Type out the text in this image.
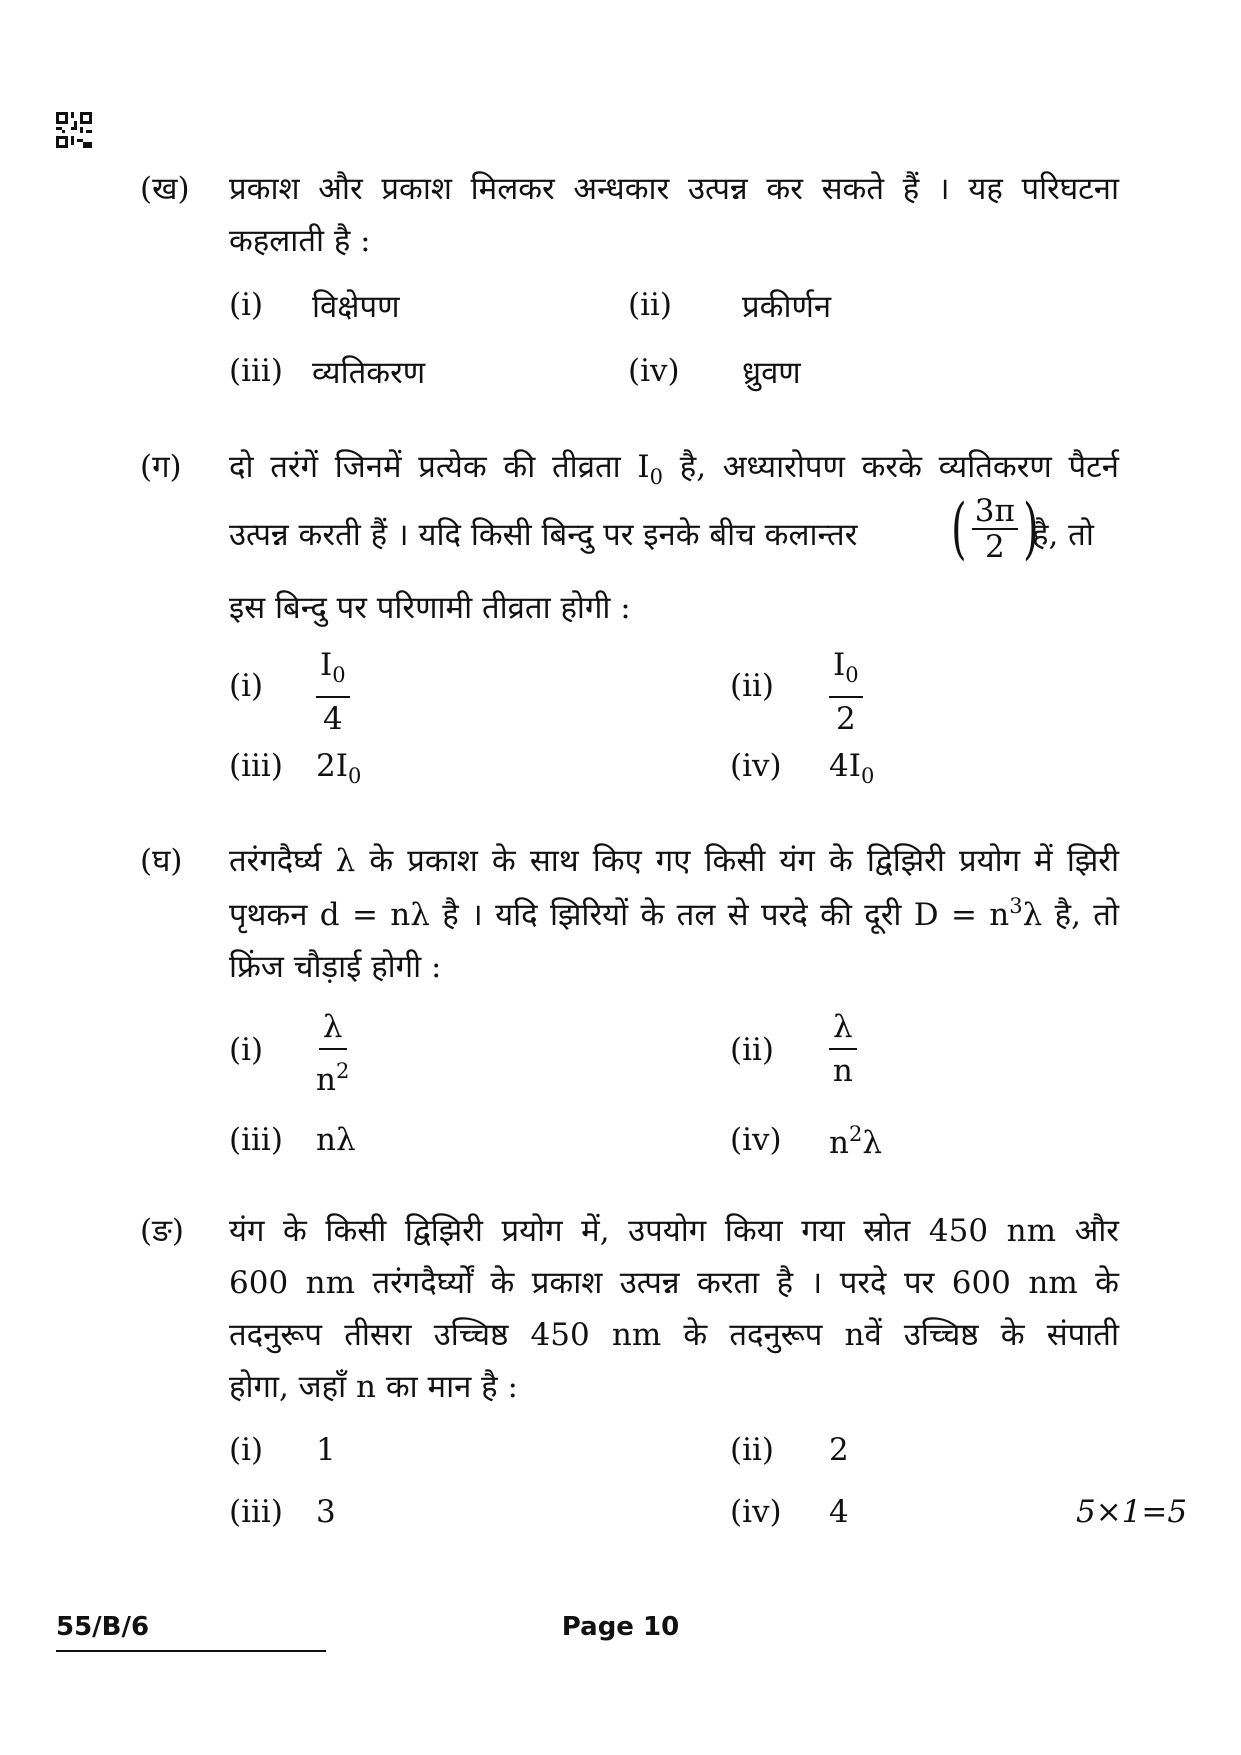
(ख) प्रकाश और प्रकाश मिलकर अन्धकार उत्पन्न कर सकते हैं । यह परिघटना
कहलाती है :
(i) विक्षेपण	(ii) प्रकीर्णन
(iii) व्यतिकरण	(iv) ध्रुवण
(ग) दो तरंगें जिनमें प्रत्येक की तीव्रता $I_0$ है, अध्यारोपण करके व्यतिकरण पैटर्न
उत्पन्न करती हैं । यदि किसी बिन्दु पर इनके बीच कलान्तर ( 3π
2 )
है, तो
इस बिन्दु पर परिणामी तीव्रता होगी :
$(i) \frac{I_0}{4}$	$(ii) \frac{I_0}{2}$
(iii) $2I_0$	(iv) $4I_0$
(घ) तरंगदैर्घ्य λ के प्रकाश के साथ किए गए किसी यंग के द्विझिरी प्रयोग में झिरी
पृथकन d = nλ है । यदि झिरियों के तल से परदे की दूरी $D = n^3\lambda$ है, तो
फ्रिंज चौड़ाई होगी :
$(i) \frac{\lambda}{n^2}$	$(ii) \frac{\lambda}{n}$
(iii) nλ	(iv) $n^2\lambda$
(ङ) यंग के किसी द्विझिरी प्रयोग में, उपयोग किया गया स्रोत 450 nm और
600 nm तरंगदैर्घ्यों के प्रकाश उत्पन्न करता है । परदे पर 600 nm के
तदनुरूप तीसरा उच्चिष्ठ 450 nm के तदनुरूप nवें उच्चिष्ठ के संपाती
होगा, जहाँ n का मान है :
(i) 1	(ii) 2
(iii) 3	(iv) 4	5×1=5
55/B/6	Page 10
